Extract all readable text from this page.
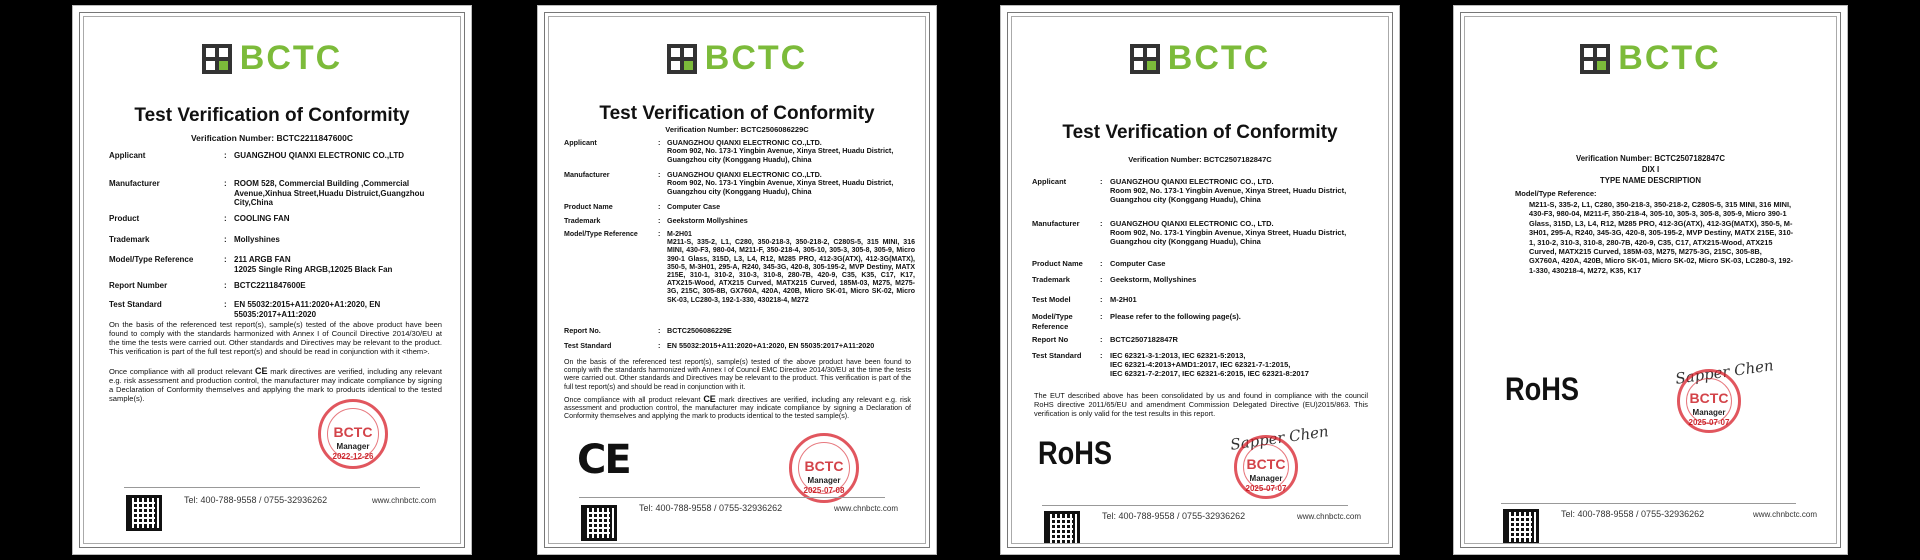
BCTC
Test Verification of Conformity
Verification Number: BCTC2211847600C
Applicant	: GUANGZHOU QIANXI ELECTRONIC CO.,LTD
Manufacturer	: ROOM 528, Commercial Building ,Commercial Avenue,Xinhua Street,Huadu Distruict,Guangzhou City,China
Product	: COOLING FAN
Trademark	: Mollyshines
Model/Type Reference	: 211 ARGB FAN
12025 Single Ring ARGB,12025 Black Fan
Report Number	: BCTC2211847600E
Test Standard	: EN 55032:2015+A11:2020+A1:2020, EN 55035:2017+A11:2020
On the basis of the referenced test report(s), sample(s) tested of the above product have been found to comply with the standards harmonized with Annex I of Council Directive 2014/30/EU at the time the tests were carried out. Other standards and Directives may be relevant to the product. This verification is part of the full test report(s) and should be read in conjunction with it <them>.
Once compliance with all product relevant CE mark directives are verified, including any relevant e.g. risk assessment and production control, the manufacturer may indicate compliance by signing a Declaration of Conformity themselves and applying the mark to products identical to the tested sample(s).
BCTC
Manager
2022-12-26
Tel: 400-788-9558 / 0755-32936262	www.chnbctc.com
BCTC
Test Verification of Conformity
Verification Number: BCTC2506086229C
Applicant	: GUANGZHOU QIANXI ELECTRONIC CO.,LTD.
Room 902, No. 173-1 Yingbin Avenue, Xinya Street, Huadu District,
Guangzhou city (Konggang Huadu), China
Manufacturer	: GUANGZHOU QIANXI ELECTRONIC CO.,LTD.
Room 902, No. 173-1 Yingbin Avenue, Xinya Street, Huadu District,
Guangzhou city (Konggang Huadu), China
Product Name	: Computer Case
Trademark	: Geekstorm Mollyshines
Model/Type Reference	: M-2H01
M211-S, 335-2, L1, C280, 350-218-3, 350-218-2, C280S-5, 315 MINI, 316 MINI, 430-F3, 980-04, M211-F, 350-218-4, 305-10, 305-3, 305-8, 305-9, Micro 390-1 Glass, 315D, L3, L4, R12, M285 PRO, 412-3G(ATX), 412-3G(MATX), 350-5, M-3H01, 295-A, R240, 345-3G, 420-8, 305-195-2, MVP Destiny, MATX 215E, 310-1, 310-2, 310-3, 310-8, 280-7B, 420-9, C35, K35, C17, K17, ATX215-Wood, ATX215 Curved, MATX215 Curved, 185M-03, M275, M275-3G, 215C, 305-8B, GX760A, 420A, 420B, Micro SK-01, Micro SK-02, Micro SK-03, LC280-3, 192-1-330, 430218-4, M272
Report No.	: BCTC2506086229E
Test Standard	: EN 55032:2015+A11:2020+A1:2020, EN 55035:2017+A11:2020
On the basis of the referenced test report(s), sample(s) tested of the above product have been found to comply with the standards harmonized with Annex I of Council EMC Directive 2014/30/EU at the time the tests were carried out. Other standards and Directives may be relevant to the product. This verification is part of the full test report(s) and should be read in conjunction with it.
Once compliance with all product relevant CE mark directives are verified, including any relevant e.g. risk assessment and production control, the manufacturer may indicate compliance by signing a Declaration of Conformity themselves and applying the mark to products identical to the tested sample(s).
CE	BCTC
Manager
2025-07-08
Tel: 400-788-9558 / 0755-32936262	www.chnbctc.com
BCTC
Test Verification of Conformity
Verification Number: BCTC2507182847C
Applicant	: GUANGZHOU QIANXI ELECTRONIC CO., LTD.
Room 902, No. 173-1 Yingbin Avenue, Xinya Street, Huadu District,
Guangzhou city (Konggang Huadu), China
Manufacturer	: GUANGZHOU QIANXI ELECTRONIC CO., LTD.
Room 902, No. 173-1 Yingbin Avenue, Xinya Street, Huadu District,
Guangzhou city (Konggang Huadu), China
Product Name : Computer Case
Trademark	: Geekstorm, Mollyshines
Test Model	: M-2H01
Model/Type Reference
: Please refer to the following page(s).
Report No	: BCTC2507182847R
Test Standard : IEC 62321-3-1:2013, IEC 62321-5:2013,
IEC 62321-4:2013+AMD1:2017, IEC 62321-7-1:2015,
IEC 62321-7-2:2017, IEC 62321-6:2015, IEC 62321-8:2017
The EUT described above has been consolidated by us and found in compliance with the council RoHS directive 2011/65/EU and amendment Commission Delegated Directive (EU)2015/863. This verification is only valid for the test results in this report.
RoHS	Sapper Chen
BCTC
Manager
2025-07-07
Tel: 400-788-9558 / 0755-32936262	www.chnbctc.com
BCTC
Verification Number: BCTC2507182847C
DIX I
TYPE NAME DESCRIPTION
Model/Type Reference:
M211-S, 335-2, L1, C280, 350-218-3, 350-218-2, C280S-5, 315 MINI, 316 MINI, 430-F3, 980-04, M211-F, 350-218-4, 305-10, 305-3, 305-8, 305-9, Micro 390-1 Glass, 315D, L3, L4, R12, M285 PRO, 412-3G(ATX), 412-3G(MATX), 350-5, M-3H01, 295-A, R240, 345-3G, 420-8, 305-195-2, MVP Destiny, MATX 215E, 310-1, 310-2, 310-3, 310-8, 280-7B, 420-9, C35, C17, ATX215-Wood, ATX215 Curved, MATX215 Curved, 185M-03, M275, M275-3G, 215C, 305-8B, GX760A, 420A, 420B, Micro SK-01, Micro SK-02, Micro SK-03, LC280-3, 192-1-330, 430218-4, M272, K35, K17
RoHS	Sapper Chen
BCTC
Manager
2025-07-07
Tel: 400-788-9558 / 0755-32936262	www.chnbctc.com
